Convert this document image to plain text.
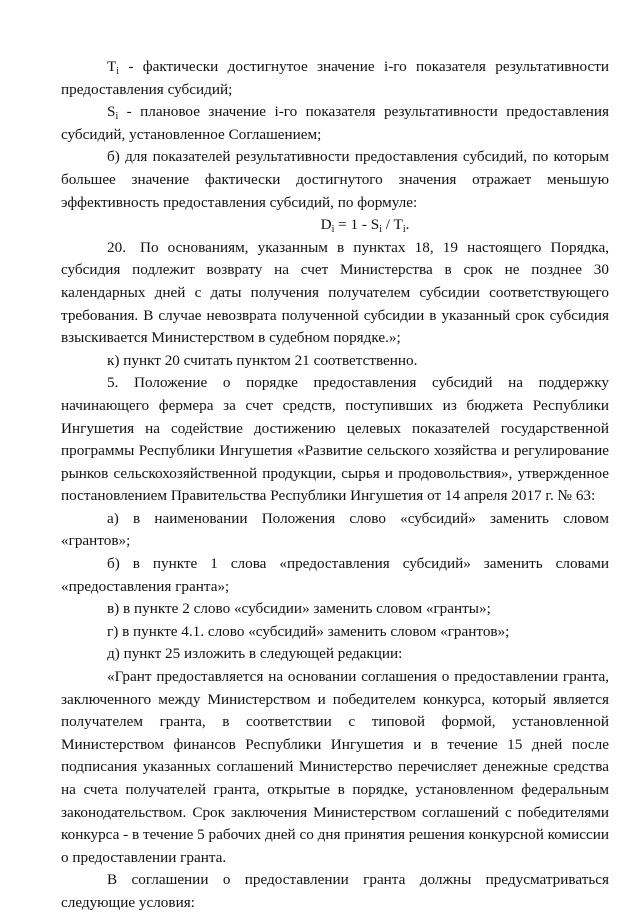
$T_i$ - фактически достигнутое значение i-го показателя результативности предоставления субсидий;

$S_i$ - плановое значение i-го показателя результативности предоставления субсидий, установленное Соглашением;

б) для показателей результативности предоставления субсидий, по которым большее значение фактически достигнутого значения отражает меньшую эффективность предоставления субсидий, по формуле:

$D_i = 1 - S_i / T_i$.

20. По основаниям, указанным в пунктах 18, 19 настоящего Порядка, субсидия подлежит возврату на счет Министерства в срок не позднее 30 календарных дней с даты получения получателем субсидии соответствующего требования. В случае невозврата полученной субсидии в указанный срок субсидия взыскивается Министерством в судебном порядке.»;

к) пункт 20 считать пунктом 21 соответственно.

5. Положение о порядке предоставления субсидий на поддержку начинающего фермера за счет средств, поступивших из бюджета Республики Ингушетия на содействие достижению целевых показателей государственной программы Республики Ингушетия «Развитие сельского хозяйства и регулирование рынков сельскохозяйственной продукции, сырья и продовольствия», утвержденное постановлением Правительства Республики Ингушетия от 14 апреля 2017 г. № 63:

а) в наименовании Положения слово «субсидий» заменить словом «грантов»;

б) в пункте 1 слова «предоставления субсидий» заменить словами «предоставления гранта»;

в) в пункте 2 слово «субсидии» заменить словом «гранты»;

г) в пункте 4.1. слово «субсидий» заменить словом «грантов»;

д) пункт 25 изложить в следующей редакции:

«Грант предоставляется на основании соглашения о предоставлении гранта, заключенного между Министерством и победителем конкурса, который является получателем гранта, в соответствии с типовой формой, установленной Министерством финансов Республики Ингушетия и в течение 15 дней после подписания указанных соглашений Министерство перечисляет денежные средства на счета получателей гранта, открытые в порядке, установленном федеральным законодательством. Срок заключения Министерством соглашений с победителями конкурса - в течение 5 рабочих дней со дня принятия решения конкурсной комиссии о предоставлении гранта.

В соглашении о предоставлении гранта должны предусматриваться следующие условия:
